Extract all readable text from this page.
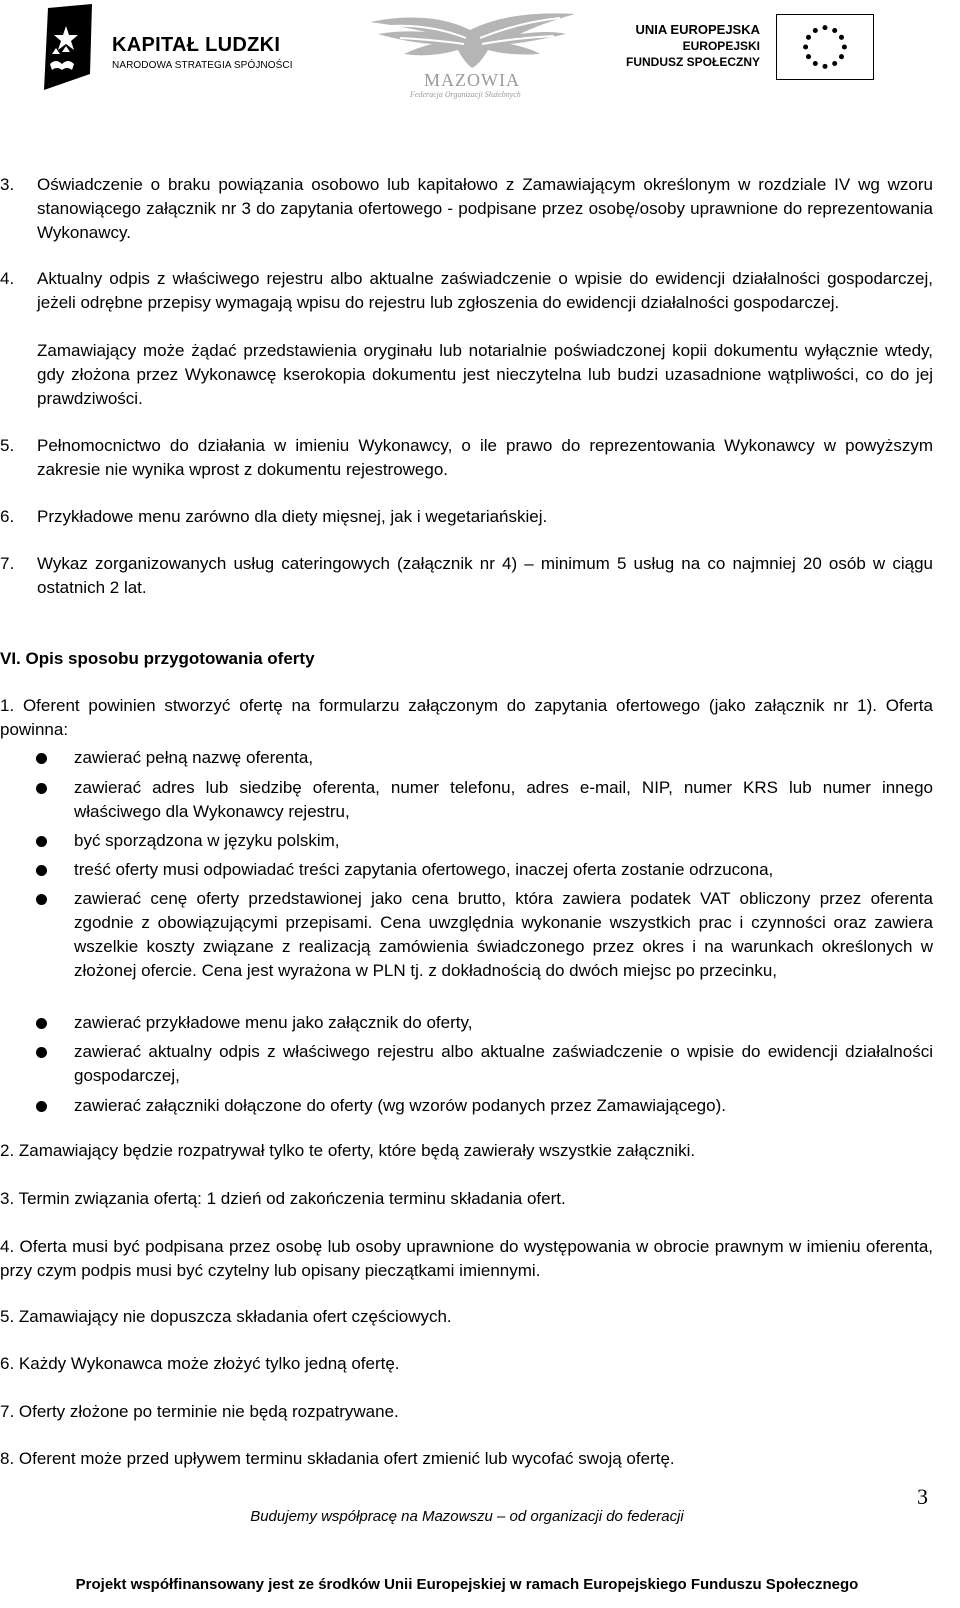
KAPITAŁ LUDZKI
NARODOWA STRATEGIA SPÓJNOŚCI
MAZOWIA
Federacja Organizacji Służebnych
UNIA EUROPEJSKA
EUROPEJSKI
FUNDUSZ SPOŁECZNY
3. Oświadczenie o braku powiązania osobowo lub kapitałowo z Zamawiającym określonym w rozdziale IV wg wzoru stanowiącego załącznik nr 3 do zapytania ofertowego - podpisane przez osobę/osoby uprawnione do reprezentowania Wykonawcy.

4. Aktualny odpis z właściwego rejestru albo aktualne zaświadczenie o wpisie do ewidencji działalności gospodarczej, jeżeli odrębne przepisy wymagają wpisu do rejestru lub zgłoszenia do ewidencji działalności gospodarczej.

Zamawiający może żądać przedstawienia oryginału lub notarialnie poświadczonej kopii dokumentu wyłącznie wtedy, gdy złożona przez Wykonawcę kserokopia dokumentu jest nieczytelna lub budzi uzasadnione wątpliwości, co do jej prawdziwości.

5. Pełnomocnictwo do działania w imieniu Wykonawcy, o ile prawo do reprezentowania Wykonawcy w powyższym zakresie nie wynika wprost z dokumentu rejestrowego.

6. Przykładowe menu zarówno dla diety mięsnej, jak i wegetariańskiej.

7. Wykaz zorganizowanych usług cateringowych (załącznik nr 4) – minimum 5 usług na co najmniej 20 osób w ciągu ostatnich 2 lat.

VI. Opis sposobu przygotowania oferty

1. Oferent powinien stworzyć ofertę na formularzu załączonym do zapytania ofertowego (jako załącznik nr 1). Oferta powinna:

zawierać pełną nazwę oferenta,

zawierać adres lub siedzibę oferenta, numer telefonu, adres e-mail, NIP, numer KRS lub numer innego właściwego dla Wykonawcy rejestru,

być sporządzona w języku polskim,

treść oferty musi odpowiadać treści zapytania ofertowego, inaczej oferta zostanie odrzucona,

zawierać cenę oferty przedstawionej jako cena brutto, która zawiera podatek VAT obliczony przez oferenta zgodnie z obowiązującymi przepisami. Cena uwzględnia wykonanie wszystkich prac i czynności oraz zawiera wszelkie koszty związane z realizacją zamówienia świadczonego przez okres i na warunkach określonych w złożonej ofercie. Cena jest wyrażona w PLN tj. z dokładnością do dwóch miejsc po przecinku,

zawierać przykładowe menu jako załącznik do oferty,

zawierać aktualny odpis z właściwego rejestru albo aktualne zaświadczenie o wpisie do ewidencji działalności gospodarczej,

zawierać załączniki dołączone do oferty (wg wzorów podanych przez Zamawiającego).

2. Zamawiający będzie rozpatrywał tylko te oferty, które będą zawierały wszystkie załączniki.

3. Termin związania ofertą: 1 dzień od zakończenia terminu składania ofert.

4. Oferta musi być podpisana przez osobę lub osoby uprawnione do występowania w obrocie prawnym w imieniu oferenta, przy czym podpis musi być czytelny lub opisany pieczątkami imiennymi.

5. Zamawiający nie dopuszcza składania ofert częściowych.

6. Każdy Wykonawca może złożyć tylko jedną ofertę.

7. Oferty złożone po terminie nie będą rozpatrywane.

8. Oferent może przed upływem terminu składania ofert zmienić lub wycofać swoją ofertę.

3
Budujemy współpracę na Mazowszu – od organizacji do federacji
Projekt współfinansowany jest ze środków Unii Europejskiej w ramach Europejskiego Funduszu Społecznego
